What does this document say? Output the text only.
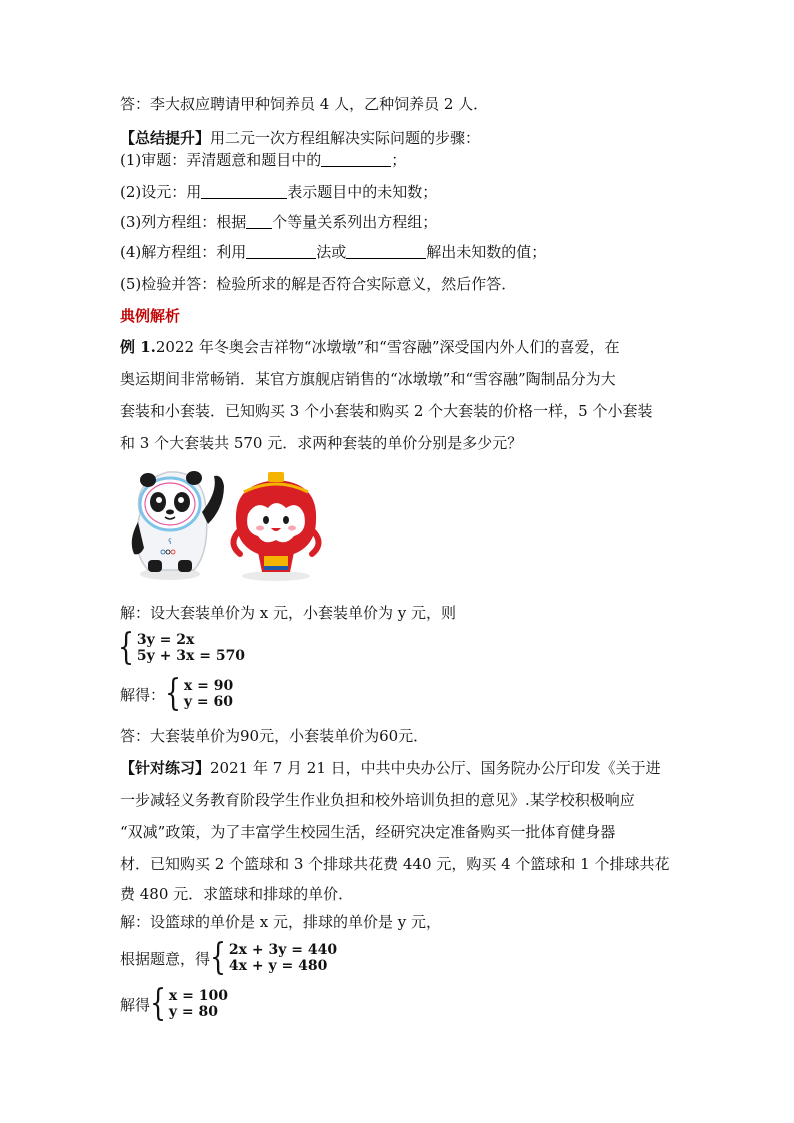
答：李大叔应聘请甲种饲养员 4 人，乙种饲养员 2 人．
【总结提升】用二元一次方程组解决实际问题的步骤：
(1)审题：弄清题意和题目中的	；
(2)设元：用	表示题目中的未知数；
(3)列方程组：根据 个等量关系列出方程组；
(4)解方程组：利用	法或	解出未知数的值；
(5)检验并答：检验所求的解是否符合实际意义，然后作答．
典例解析
例 1.2022 年冬奥会吉祥物“冰墩墩”和“雪容融”深受国内外人们的喜爱，在
奥运期间非常畅销．某官方旗舰店销售的“冰墩墩”和“雪容融”陶制品分为大
套装和小套装．已知购买 3 个小套装和购买 2 个大套装的价格一样，5 个小套装
和 3 个大套装共 570 元．求两种套装的单价分别是多少元？
ʕ
解：设大套装单价为 x 元，小套装单价为 y 元，则
{ 3y = 2x
5y + 3x = 570
解得： { x = 90
y = 60
答：大套装单价为90元，小套装单价为60元．
【针对练习】2021 年 7 月 21 日，中共中央办公厅、国务院办公厅印发《关于进
一步减轻义务教育阶段学生作业负担和校外培训负担的意见》.某学校积极响应
“双减”政策，为了丰富学生校园生活，经研究决定准备购买一批体育健身器
材．已知购买 2 个篮球和 3 个排球共花费 440 元，购买 4 个篮球和 1 个排球共花
费 480 元．求篮球和排球的单价．
解：设篮球的单价是 x 元，排球的单价是 y 元，
根据题意，得 { 2x + 3y = 440
4x + y = 480
解得 { x = 100
y = 80
